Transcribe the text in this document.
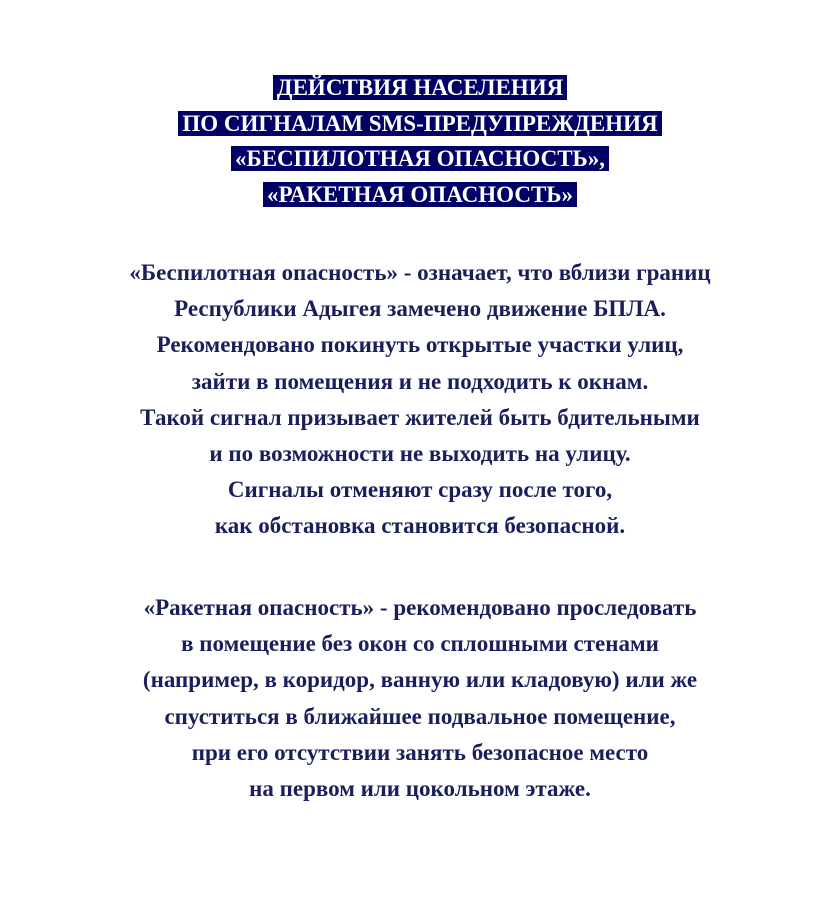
ДЕЙСТВИЯ НАСЕЛЕНИЯ
ПО СИГНАЛАМ SMS-ПРЕДУПРЕЖДЕНИЯ
«БЕСПИЛОТНАЯ ОПАСНОСТЬ»,
«РАКЕТНАЯ ОПАСНОСТЬ»
«Беспилотная опасность» - означает, что вблизи границ
Республики Адыгея замечено движение БПЛА.
Рекомендовано покинуть открытые участки улиц,
зайти в помещения и не подходить к окнам.
Такой сигнал призывает жителей быть бдительными
и по возможности не выходить на улицу.
Сигналы отменяют сразу после того,
как обстановка становится безопасной.
«Ракетная опасность» - рекомендовано проследовать
в помещение без окон со сплошными стенами
(например, в коридор, ванную или кладовую) или же
спуститься в ближайшее подвальное помещение,
при его отсутствии занять безопасное место
на первом или цокольном этаже.
